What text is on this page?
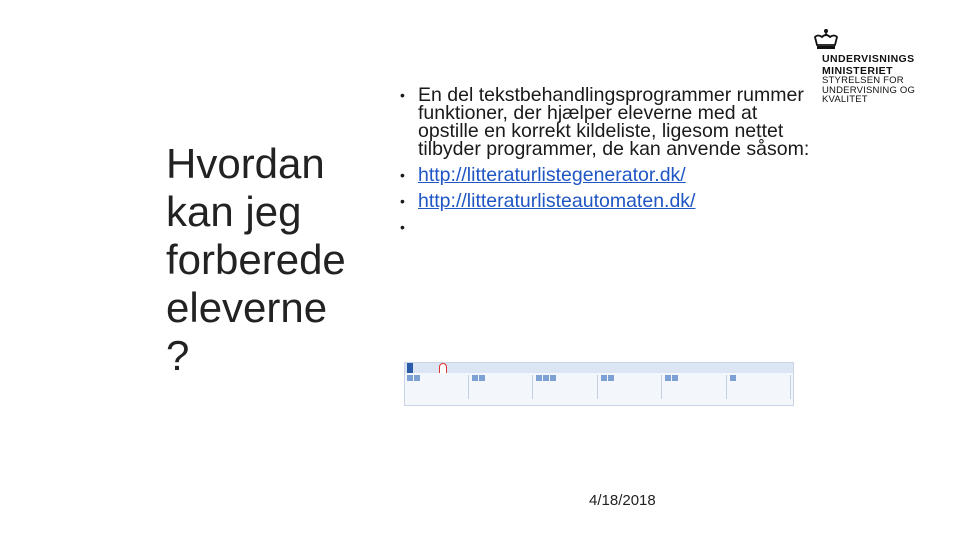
Hvordan
kan jeg
forberede
eleverne
?
• En del tekstbehandlingsprogrammer rummer funktioner, der hjælper eleverne med at opstille en korrekt kildeliste, ligesom nettet tilbyder programmer, de kan anvende såsom:

• http://litteraturlistegenerator.dk/
• http://litteraturlisteautomaten.dk/
•

UNDERVISNINGS
MINISTERIET
STYRELSEN FOR
UNDERVISNING OG KVALITET
4/18/2018
